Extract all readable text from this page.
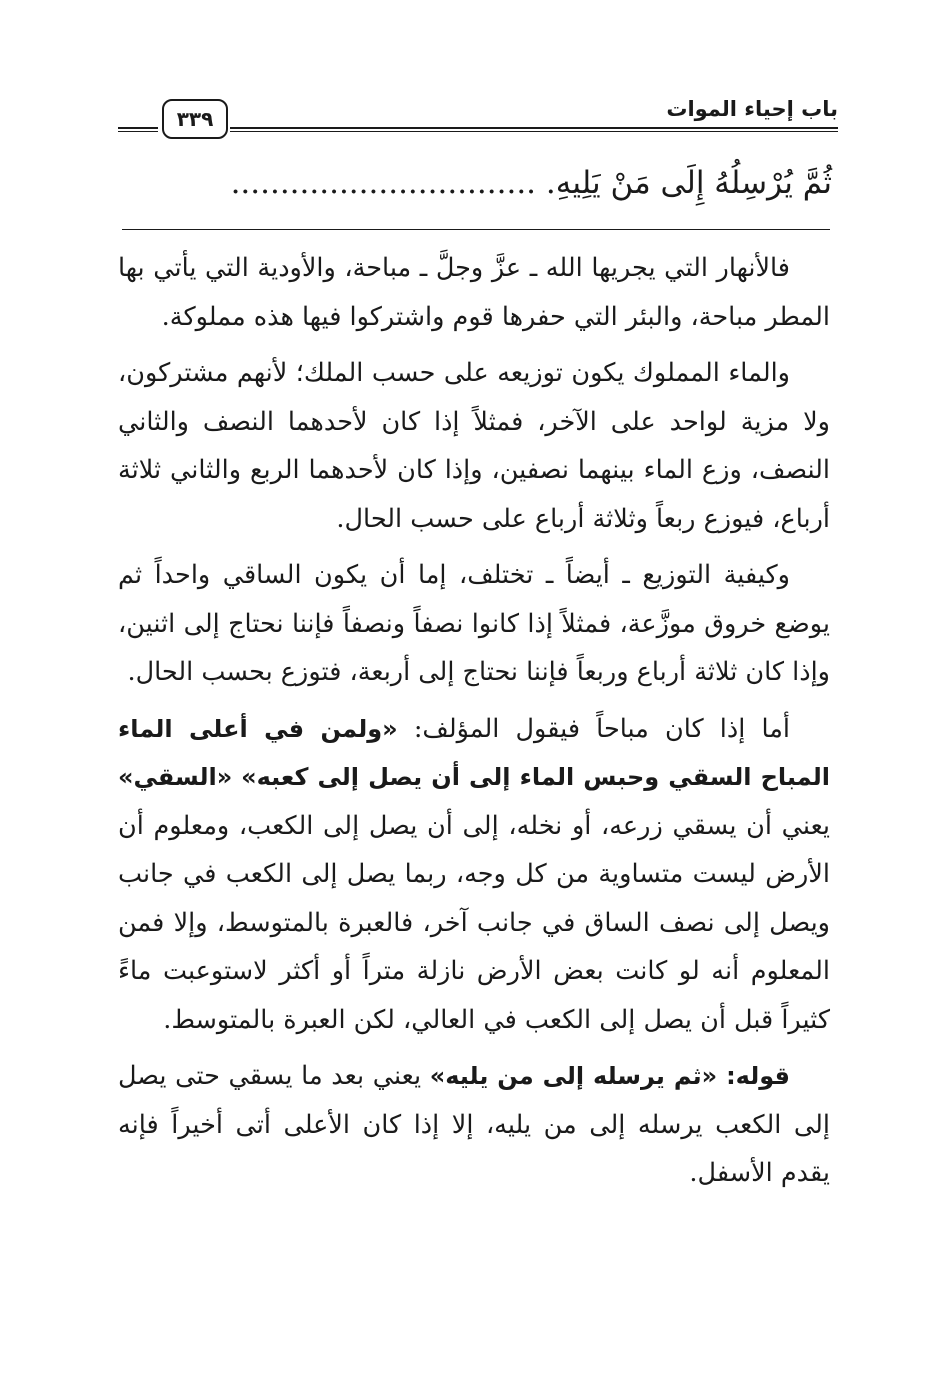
باب إحياء الموات
٣٣٩
ثُمَّ يُرْسِلُهُ إِلَى مَنْ يَلِيهِ. ...............................

فالأنهار التي يجريها الله ـ عزَّ وجلَّ ـ مباحة، والأودية التي يأتي بها المطر مباحة، والبئر التي حفرها قوم واشتركوا فيها هذه مملوكة.

والماء المملوك يكون توزيعه على حسب الملك؛ لأنهم مشتركون، ولا مزية لواحد على الآخر، فمثلاً إذا كان لأحدهما النصف والثاني النصف، وزع الماء بينهما نصفين، وإذا كان لأحدهما الربع والثاني ثلاثة أرباع، فيوزع ربعاً وثلاثة أرباع على حسب الحال.

وكيفية التوزيع ـ أيضاً ـ تختلف، إما أن يكون الساقي واحداً ثم يوضع خروق موزَّعة، فمثلاً إذا كانوا نصفاً ونصفاً فإننا نحتاج إلى اثنين، وإذا كان ثلاثة أرباع وربعاً فإننا نحتاج إلى أربعة، فتوزع بحسب الحال.

أما إذا كان مباحاً فيقول المؤلف: «ولمن في أعلى الماء المباح السقي وحبس الماء إلى أن يصل إلى كعبه» «السقي» يعني أن يسقي زرعه، أو نخله، إلى أن يصل إلى الكعب، ومعلوم أن الأرض ليست متساوية من كل وجه، ربما يصل إلى الكعب في جانب ويصل إلى نصف الساق في جانب آخر، فالعبرة بالمتوسط، وإلا فمن المعلوم أنه لو كانت بعض الأرض نازلة متراً أو أكثر لاستوعبت ماءً كثيراً قبل أن يصل إلى الكعب في العالي، لكن العبرة بالمتوسط.

قوله: «ثم يرسله إلى من يليه» يعني بعد ما يسقي حتى يصل إلى الكعب يرسله إلى من يليه، إلا إذا كان الأعلى أتى أخيراً فإنه يقدم الأسفل.
